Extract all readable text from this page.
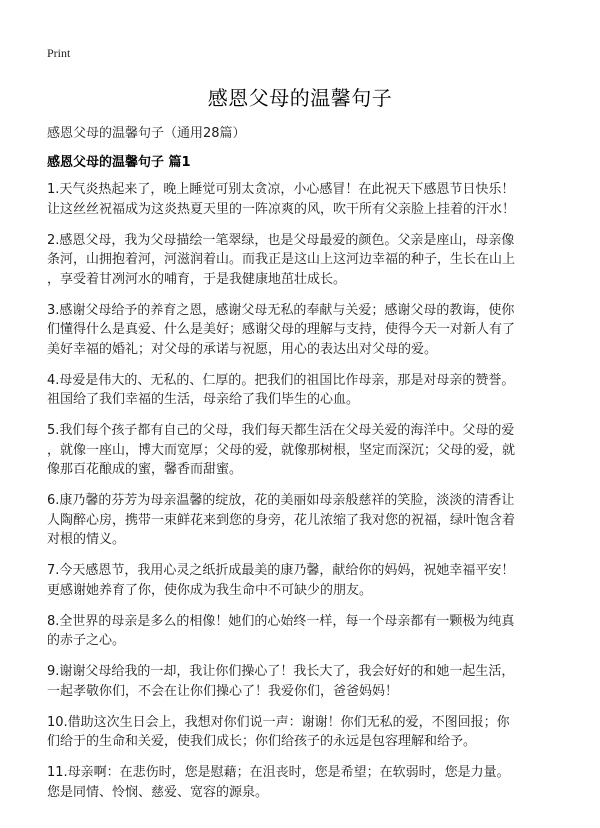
Print
感恩父母的温馨句子
感恩父母的温馨句子（通用28篇）
感恩父母的温馨句子 篇1

1.天气炎热起来了，晚上睡觉可别太贪凉，小心感冒！在此祝天下感恩节日快乐！
让这丝丝祝福成为这炎热夏天里的一阵凉爽的风，吹干所有父亲脸上挂着的汗水！

2.感恩父母，我为父母描绘一笔翠绿，也是父母最爱的颜色。父亲是座山，母亲像
条河，山拥抱着河，河滋润着山。而我正是这山上这河边幸福的种子，生长在山上
，享受着甘冽河水的哺育，于是我健康地茁壮成长。

3.感谢父母给予的养育之恩，感谢父母无私的奉献与关爱；感谢父母的教诲，使你
们懂得什么是真爱、什么是美好；感谢父母的理解与支持，使得今天一对新人有了
美好幸福的婚礼；对父母的承诺与祝愿，用心的表达出对父母的爱。

4.母爱是伟大的、无私的、仁厚的。把我们的祖国比作母亲，那是对母亲的赞誉。
祖国给了我们幸福的生活，母亲给了我们毕生的心血。

5.我们每个孩子都有自己的父母，我们每天都生活在父母关爱的海洋中。父母的爱
，就像一座山，博大而宽厚；父母的爱，就像那树根，坚定而深沉；父母的爱，就
像那百花酿成的蜜，馨香而甜蜜。

6.康乃馨的芬芳为母亲温馨的绽放，花的美丽如母亲般慈祥的笑脸，淡淡的清香让
人陶醉心房，携带一束鲜花来到您的身旁，花儿浓缩了我对您的祝福，绿叶饱含着
对根的情义。

7.今天感恩节，我用心灵之纸折成最美的康乃馨，献给你的妈妈，祝她幸福平安！
更感谢她养育了你，使你成为我生命中不可缺少的朋友。

8.全世界的母亲是多么的相像！她们的心始终一样，每一个母亲都有一颗极为纯真
的赤子之心。

9.谢谢父母给我的一却，我让你们操心了！我长大了，我会好好的和她一起生活，
一起孝敬你们，不会在让你们操心了！我爱你们，爸爸妈妈！

10.借助这次生日会上，我想对你们说一声：谢谢！你们无私的爱，不图回报；你
们给于的生命和关爱，使我们成长；你们给孩子的永远是包容理解和给予。

11.母亲啊：在悲伤时，您是慰藉；在沮丧时，您是希望；在软弱时，您是力量。
您是同情、怜悯、慈爱、宽容的源泉。
